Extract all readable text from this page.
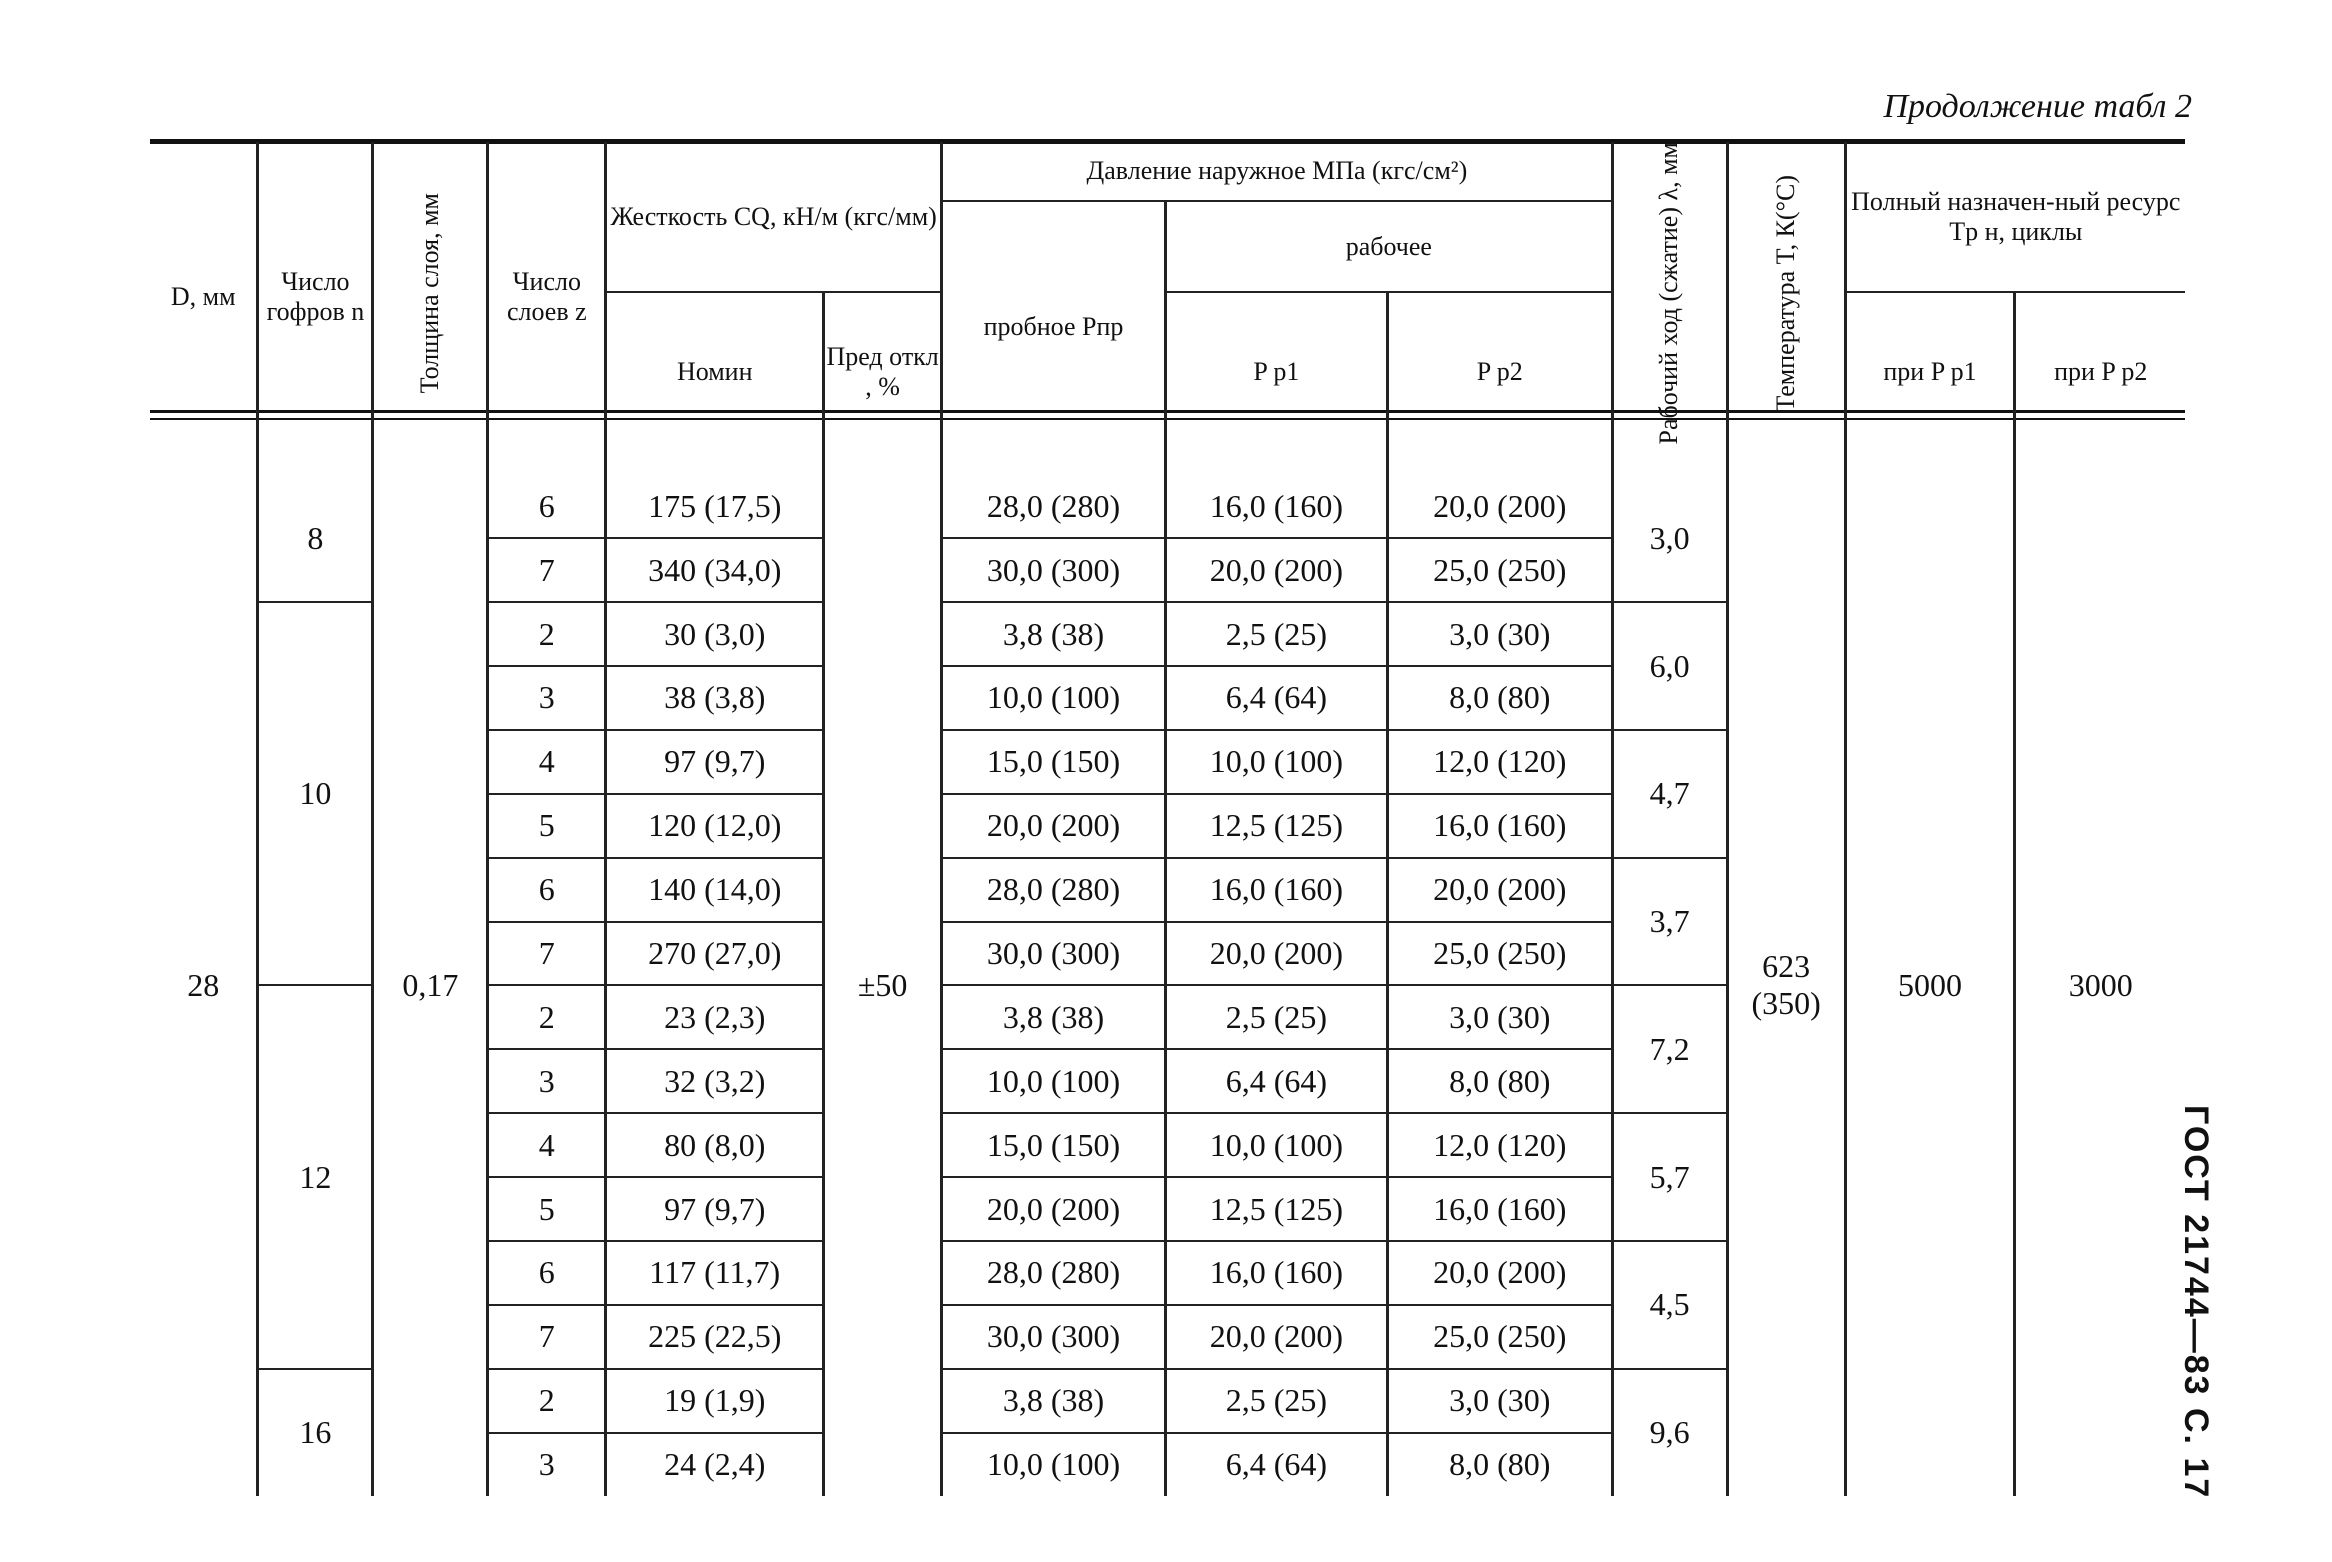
Продолжение табл 2
ГОСТ 21744—83 С. 17
D, мм	Число гофров n	Толщина слоя, мм	Число слоев z	Жесткость CQ, кН/м (кгс/мм)		Давление наружное МПа (кгс/см²)			Рабочий ход (сжатие) λ, мм	Температура T, К(°С)	Полный назначен-ный ресурс Tр н, циклы	
						пробное Pпр	рабочее					
				Номин	Пред откл , %		P p1	P p2			при P p1	при P p2
28	8	0,17	6	175 (17,5)	±50	28,0 (280)	16,0 (160)	20,0 (200)	3,0	623 (350)	5000	3000
			7	340 (34,0)		30,0 (300)	20,0 (200)	25,0 (250)				
	10		2	30 (3,0)		3,8 (38)	2,5 (25)	3,0 (30)	6,0			
			3	38 (3,8)		10,0 (100)	6,4 (64)	8,0 (80)				
			4	97 (9,7)		15,0 (150)	10,0 (100)	12,0 (120)	4,7			
			5	120 (12,0)		20,0 (200)	12,5 (125)	16,0 (160)				
			6	140 (14,0)		28,0 (280)	16,0 (160)	20,0 (200)	3,7			
			7	270 (27,0)		30,0 (300)	20,0 (200)	25,0 (250)				
	12		2	23 (2,3)		3,8 (38)	2,5 (25)	3,0 (30)	7,2			
			3	32 (3,2)		10,0 (100)	6,4 (64)	8,0 (80)				
			4	80 (8,0)		15,0 (150)	10,0 (100)	12,0 (120)	5,7			
			5	97 (9,7)		20,0 (200)	12,5 (125)	16,0 (160)				
			6	117 (11,7)		28,0 (280)	16,0 (160)	20,0 (200)	4,5			
			7	225 (22,5)		30,0 (300)	20,0 (200)	25,0 (250)				
	16		2	19 (1,9)		3,8 (38)	2,5 (25)	3,0 (30)	9,6			
			3	24 (2,4)		10,0 (100)	6,4 (64)	8,0 (80)				
